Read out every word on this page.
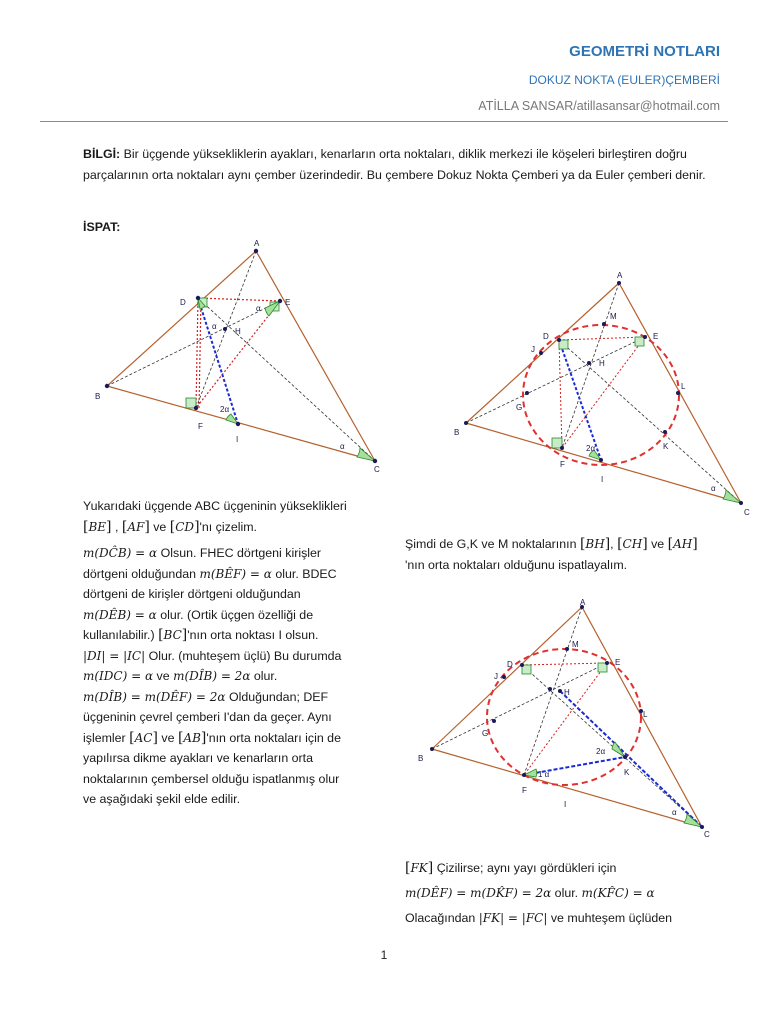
GEOMETRİ NOTLARI
DOKUZ NOKTA (EULER)ÇEMBERİ
ATİLLA SANSAR/atillasansar@hotmail.com
BİLGİ: Bir üçgende yüksekliklerin ayakları, kenarların orta noktaları, diklik merkezi ile köşeleri birleştiren doğru parçalarının orta noktaları aynı çember üzerindedir. Bu çembere Dokuz Nokta Çemberi ya da Euler çemberi denir.
İSPAT:
A
B
C
D	E
F
I
H
2α
α
α
α
A
B
C
D	E
F
I
H
G
J
K
L
M
2α
α
A
B
C
D	E
F
I
H
G
J
K
L
M
2α
1 α
α
Yukarıdaki üçgende ABC üçgeninin yükseklikleri
[BE] , [AF] ve [CD]'nı çizelim.
m(DĈB) = α Olsun. FHEC dörtgeni kirişler
dörtgeni olduğundan m(BÊF) = α olur. BDEC
dörtgeni de kirişler dörtgeni olduğundan
m(DÊB) = α olur. (Ortik üçgen özelliği de
kullanılabilir.) [BC]'nın orta noktası I olsun.
|DI| = |IC| Olur. (muhteşem üçlü) Bu durumda
m(IDC) = α ve m(DÎB) = 2α olur.
m(DÎB) = m(DÊF) = 2α Olduğundan; DEF
üçgeninin çevrel çemberi I'dan da geçer. Aynı
işlemler [AC] ve [AB]'nın orta noktaları için de
yapılırsa dikme ayakları ve kenarların orta
noktalarının çembersel olduğu ispatlanmış olur
ve aşağıdaki şekil elde edilir.
Şimdi de G,K ve M noktalarının [BH], [CH] ve [AH]
'nın orta noktaları olduğunu ispatlayalım.
[FK] Çizilirse; aynı yayı gördükleri için
m(DÊF) = m(DK̂F) = 2α olur. m(KF̂C) = α
Olacağından |FK| = |FC| ve muhteşem üçlüden
1
